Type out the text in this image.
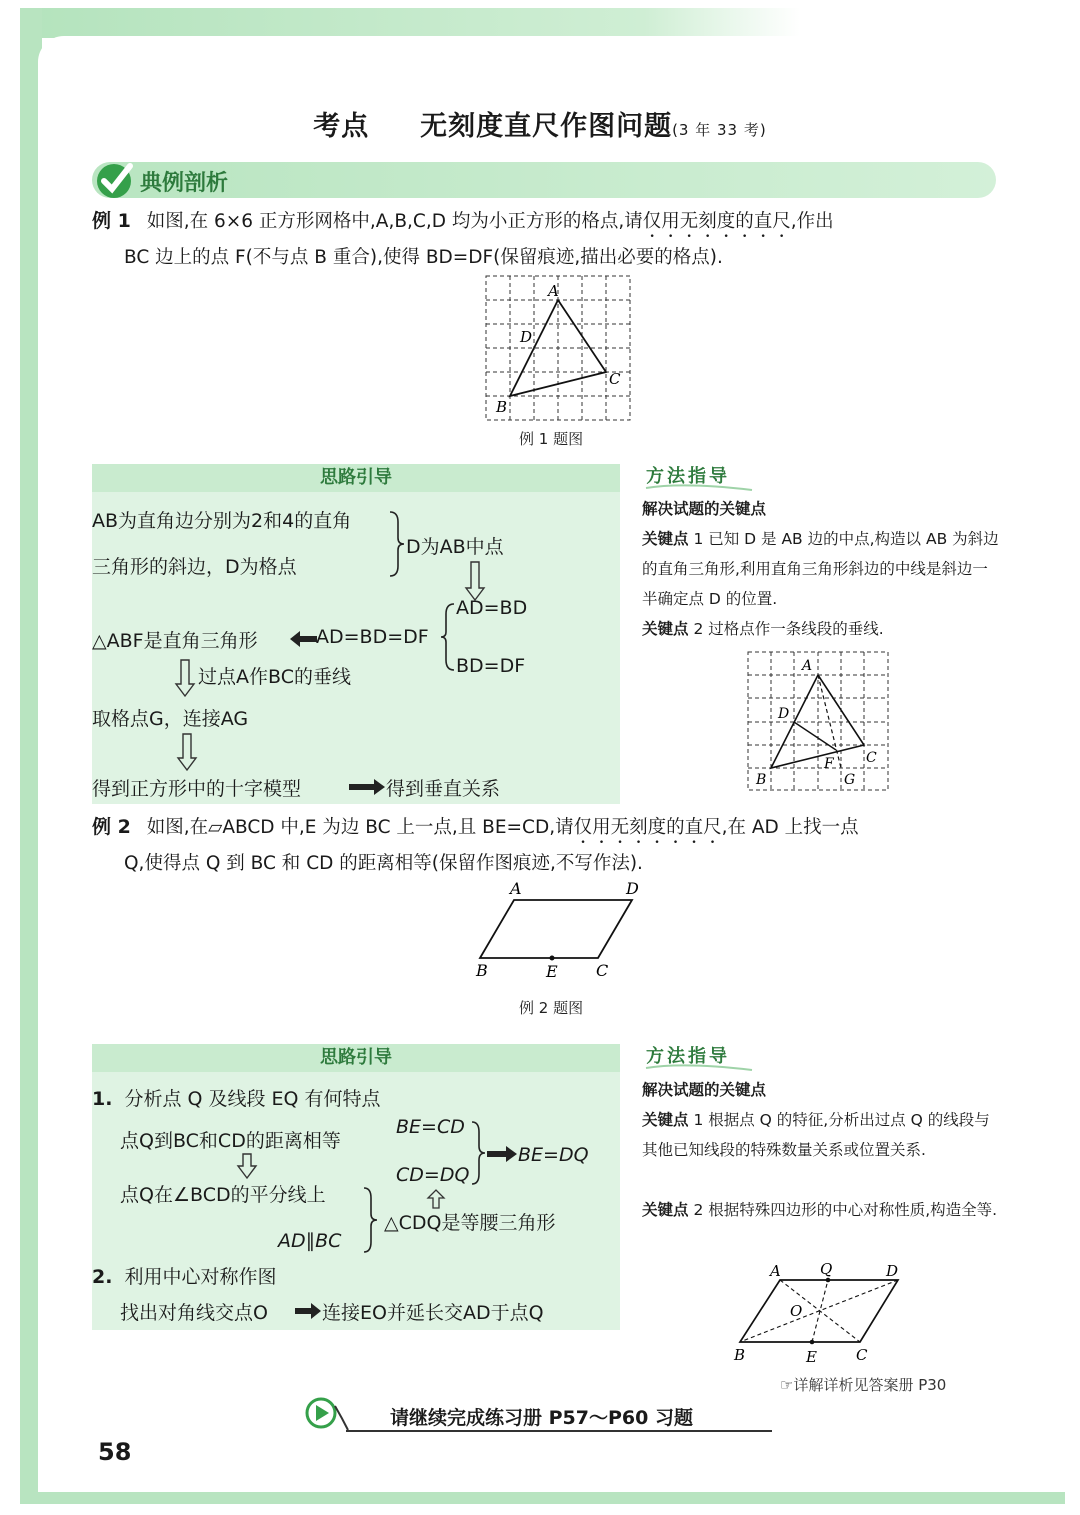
考点 无刻度直尺作图问题(3 年 33 考)
典例剖析
例 1 如图,在 6×6 正方形网格中,A,B,C,D 均为小正方形的格点,请仅用无刻度的直尺,作出
BC 边上的点 F(不与点 B 重合),使得 BD=DF(保留痕迹,描出必要的格点).
A
B
C
D
例 1 题图
思路引导
AB为直角边分别为2和4的直角
三角形的斜边，D为格点
D为AB中点
AD=BD
BD=DF
△ABF是直角三角形	AD=BD=DF
过点A作BC的垂线
取格点G，连接AG
得到正方形中的十字模型	得到垂直关系
方法指导
解决试题的关键点
关键点 1 已知 D 是 AB 边的中点,构造以 AB 为斜边的直角三角形,利用直角三角形斜边的中线是斜边一半确定点 D 的位置.
关键点 2 过格点作一条线段的垂线.
A
D
C
B
F
G
例 2 如图,在▱ABCD 中,E 为边 BC 上一点,且 BE=CD,请仅用无刻度的直尺,在 AD 上找一点
Q,使得点 Q 到 BC 和 CD 的距离相等(保留作图痕迹,不写作法).
A	D
B	E C
例 2 题图
思路引导
1. 分析点 Q 及线段 EQ 有何特点
点Q到BC和CD的距离相等
点Q在∠BCD的平分线上
AD∥BC
△CDQ是等腰三角形
BE=CD
CD=DQ
BE=DQ
2. 利用中心对称作图
找出对角线交点O	连接EO并延长交AD于点Q
方法指导
解决试题的关键点
关键点 1 根据点 Q 的特征,分析出过点 Q 的线段与其他已知线段的特殊数量关系或位置关系.
关键点 2 根据特殊四边形的中心对称性质,构造全等.
A	Q	D
O
B	E	C
☞详解详析见答案册 P30
请继续完成练习册 P57～P60 习题
58
